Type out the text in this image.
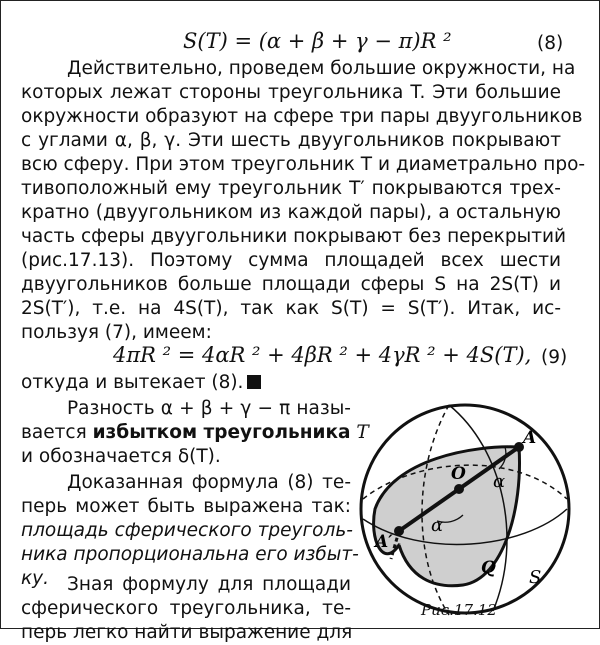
S(T) = (α + β + γ − π)R ²	(8)
Действительно, проведем большие окружности, на
которых лежат стороны треугольника T. Эти большие
окружности образуют на сфере три пары двуугольников
с углами α, β, γ. Эти шесть двуугольников покрывают
всю сферу. При этом треугольник T и диаметрально про-
тивоположный ему треугольник T′ покрываются трех-
кратно (двуугольником из каждой пары), а остальную
часть сферы двуугольники покрывают без перекрытий
(рис.17.13). Поэтому сумма площадей всех шести
двуугольников больше площади сферы S на 2S(T) и
2S(T′), т.е. на 4S(T), так как S(T) = S(T′). Итак, ис-
пользуя (7), имеем:
4πR ² = 4αR ² + 4βR ² + 4γR ² + 4S(T), (9)
откуда и вытекает (8).
Разность α + β + γ − π назы-
вается избытком треугольника T
и обозначается δ(T).
Доказанная формула (8) те-
перь может быть выражена так:
площадь сферического треуголь-
ника пропорциональна его избыт-
ку. Зная формулу для площади
сферического треугольника, те-
перь легко найти выражение для
A
O
A′
α
α
Q S
Рис.17.12
